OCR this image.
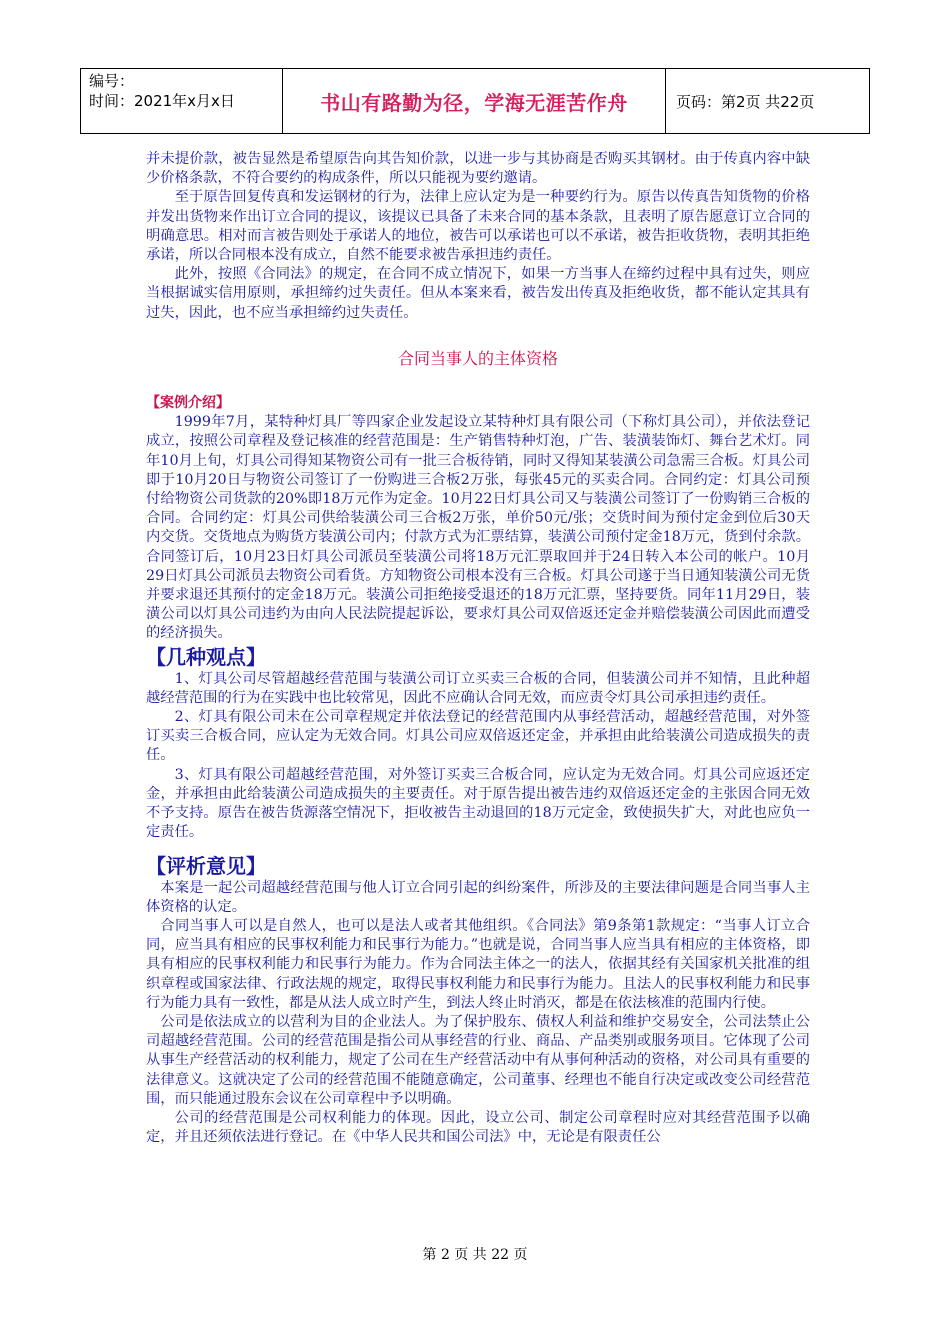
编号：
时间：2021年x月x日	书山有路勤为径，学海无涯苦作舟	页码：第2页 共22页

并未提价款，被告显然是希望原告向其告知价款，以进一步与其协商是否购买其钢材。由于传真内容中缺少价格条款，不符合要约的构成条件，所以只能视为要约邀请。

至于原告回复传真和发运钢材的行为，法律上应认定为是一种要约行为。原告以传真告知货物的价格并发出货物来作出订立合同的提议，该提议已具备了未来合同的基本条款，且表明了原告愿意订立合同的明确意思。相对而言被告则处于承诺人的地位，被告可以承诺也可以不承诺，被告拒收货物，表明其拒绝承诺，所以合同根本没有成立，自然不能要求被告承担违约责任。

此外，按照《合同法》的规定，在合同不成立情况下，如果一方当事人在缔约过程中具有过失，则应当根据诚实信用原则，承担缔约过失责任。但从本案来看，被告发出传真及拒绝收货，都不能认定其具有过失，因此，也不应当承担缔约过失责任。

合同当事人的主体资格

【案例介绍】

1999年7月，某特种灯具厂等四家企业发起设立某特种灯具有限公司（下称灯具公司），并依法登记成立，按照公司章程及登记核准的经营范围是：生产销售特种灯泡，广告、装潢装饰灯、舞台艺术灯。同年10月上旬，灯具公司得知某物资公司有一批三合板待销，同时又得知某装潢公司急需三合板。灯具公司即于10月20日与物资公司签订了一份购进三合板2万张，每张45元的买卖合同。合同约定：灯具公司预付给物资公司货款的20%即18万元作为定金。10月22日灯具公司又与装潢公司签订了一份购销三合板的合同。合同约定：灯具公司供给装潢公司三合板2万张，单价50元/张；交货时间为预付定金到位后30天内交货。交货地点为购货方装潢公司内；付款方式为汇票结算，装潢公司预付定金18万元，货到付余款。合同签订后，10月23日灯具公司派员至装潢公司将18万元汇票取回并于24日转入本公司的帐户。10月29日灯具公司派员去物资公司看货。方知物资公司根本没有三合板。灯具公司遂于当日通知装潢公司无货并要求退还其预付的定金18万元。装潢公司拒绝接受退还的18万元汇票，坚持要货。同年11月29日，装潢公司以灯具公司违约为由向人民法院提起诉讼，要求灯具公司双倍返还定金并赔偿装潢公司因此而遭受的经济损失。

【几种观点】

1、灯具公司尽管超越经营范围与装潢公司订立买卖三合板的合同，但装潢公司并不知情，且此种超越经营范围的行为在实践中也比较常见，因此不应确认合同无效，而应责令灯具公司承担违约责任。

2、灯具有限公司未在公司章程规定并依法登记的经营范围内从事经营活动，超越经营范围，对外签订买卖三合板合同，应认定为无效合同。灯具公司应双倍返还定金，并承担由此给装潢公司造成损失的责任。

3、灯具有限公司超越经营范围，对外签订买卖三合板合同，应认定为无效合同。灯具公司应返还定金，并承担由此给装潢公司造成损失的主要责任。对于原告提出被告违约双倍返还定金的主张因合同无效不予支持。原告在被告货源落空情况下，拒收被告主动退回的18万元定金，致使损失扩大，对此也应负一定责任。

【评析意见】

本案是一起公司超越经营范围与他人订立合同引起的纠纷案件，所涉及的主要法律问题是合同当事人主体资格的认定。

合同当事人可以是自然人，也可以是法人或者其他组织。《合同法》第9条第1款规定：“当事人订立合同，应当具有相应的民事权利能力和民事行为能力。”也就是说，合同当事人应当具有相应的主体资格，即具有相应的民事权利能力和民事行为能力。作为合同法主体之一的法人，依据其经有关国家机关批准的组织章程或国家法律、行政法规的规定，取得民事权利能力和民事行为能力。且法人的民事权利能力和民事行为能力具有一致性，都是从法人成立时产生，到法人终止时消灭，都是在依法核准的范围内行使。

公司是依法成立的以营利为目的企业法人。为了保护股东、债权人利益和维护交易安全，公司法禁止公司超越经营范围。公司的经营范围是指公司从事经营的行业、商品、产品类别或服务项目。它体现了公司从事生产经营活动的权利能力，规定了公司在生产经营活动中有从事何种活动的资格，对公司具有重要的法律意义。这就决定了公司的经营范围不能随意确定，公司董事、经理也不能自行决定或改变公司经营范围，而只能通过股东会议在公司章程中予以明确。

公司的经营范围是公司权利能力的体现。因此，设立公司、制定公司章程时应对其经营范围予以确定，并且还须依法进行登记。在《中华人民共和国公司法》中，无论是有限责任公

第 2 页 共 22 页
